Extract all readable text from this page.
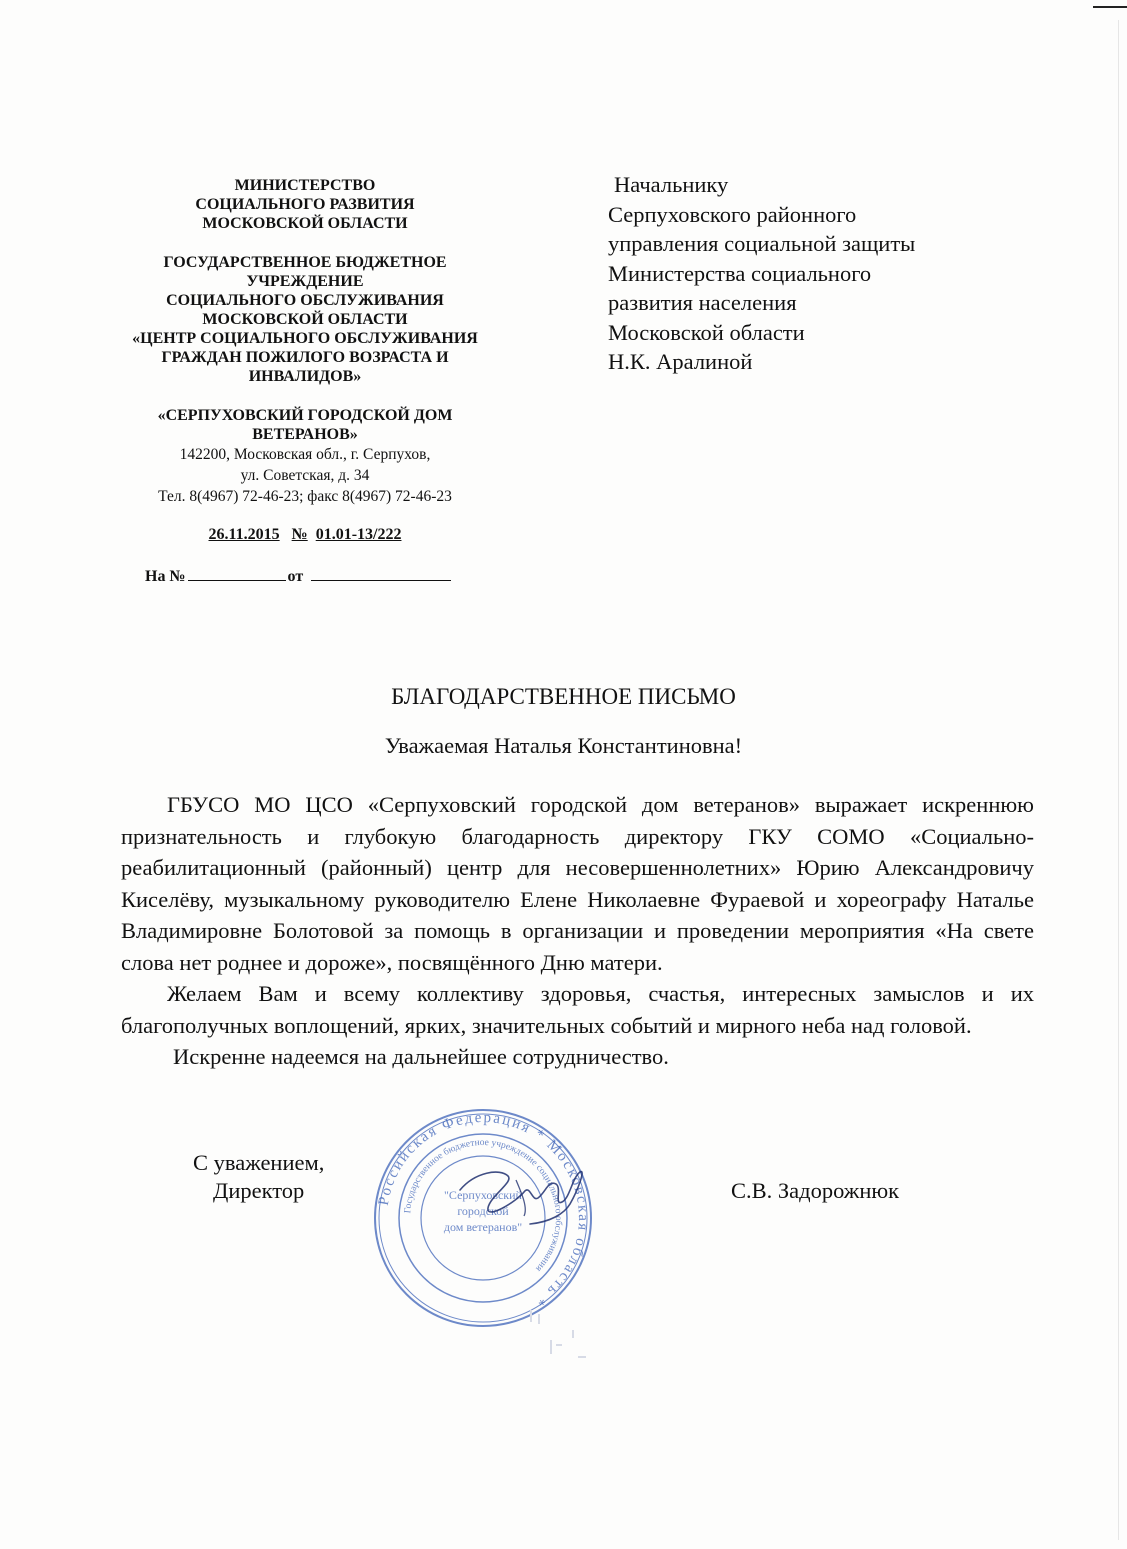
МИНИСТЕРСТВО

СОЦИАЛЬНОГО РАЗВИТИЯ

МОСКОВСКОЙ ОБЛАСТИ

ГОСУДАРСТВЕННОЕ БЮДЖЕТНОЕ

УЧРЕЖДЕНИЕ

СОЦИАЛЬНОГО ОБСЛУЖИВАНИЯ

МОСКОВСКОЙ ОБЛАСТИ

«ЦЕНТР СОЦИАЛЬНОГО ОБСЛУЖИВАНИЯ

ГРАЖДАН ПОЖИЛОГО ВОЗРАСТА И

ИНВАЛИДОВ»

«СЕРПУХОВСКИЙ ГОРОДСКОЙ ДОМ

ВЕТЕРАНОВ»

142200, Московская обл., г. Серпухов,

ул. Советская, д. 34

Тел. 8(4967) 72-46-23; факс 8(4967) 72-46-23

26.11.2015 № 01.01-13/222

На №	от

Начальнику

Серпуховского районного

управления социальной защиты

Министерства социального

развития населения

Московской области

Н.К. Аралиной

БЛАГОДАРСТВЕННОЕ ПИСЬМО
Уважаемая Наталья Константиновна!

ГБУСО МО ЦСО «Серпуховский городской дом ветеранов» выражает искреннюю признательность и глубокую благодарность директору ГКУ СОМО «Социально-реабилитационный (районный) центр для несовершеннолетних» Юрию Александровичу Киселёву, музыкальному руководителю Елене Николаевне Фураевой и хореографу Наталье Владимировне Болотовой за помощь в организации и проведении мероприятия «На свете слова нет роднее и дороже», посвящённого Дню матери.

Желаем Вам и всему коллективу здоровья, счастья, интересных замыслов и их благополучных воплощений, ярких, значительных событий и мирного неба над головой.

Искренне надеемся на дальнейшее сотрудничество.

С уважением,
Директор	С.В. Задорожнюк
Российская Федерация * Московская область *
Государственное бюджетное учреждение социального обслуживания
"Серпуховский
городской
дом ветеранов"
